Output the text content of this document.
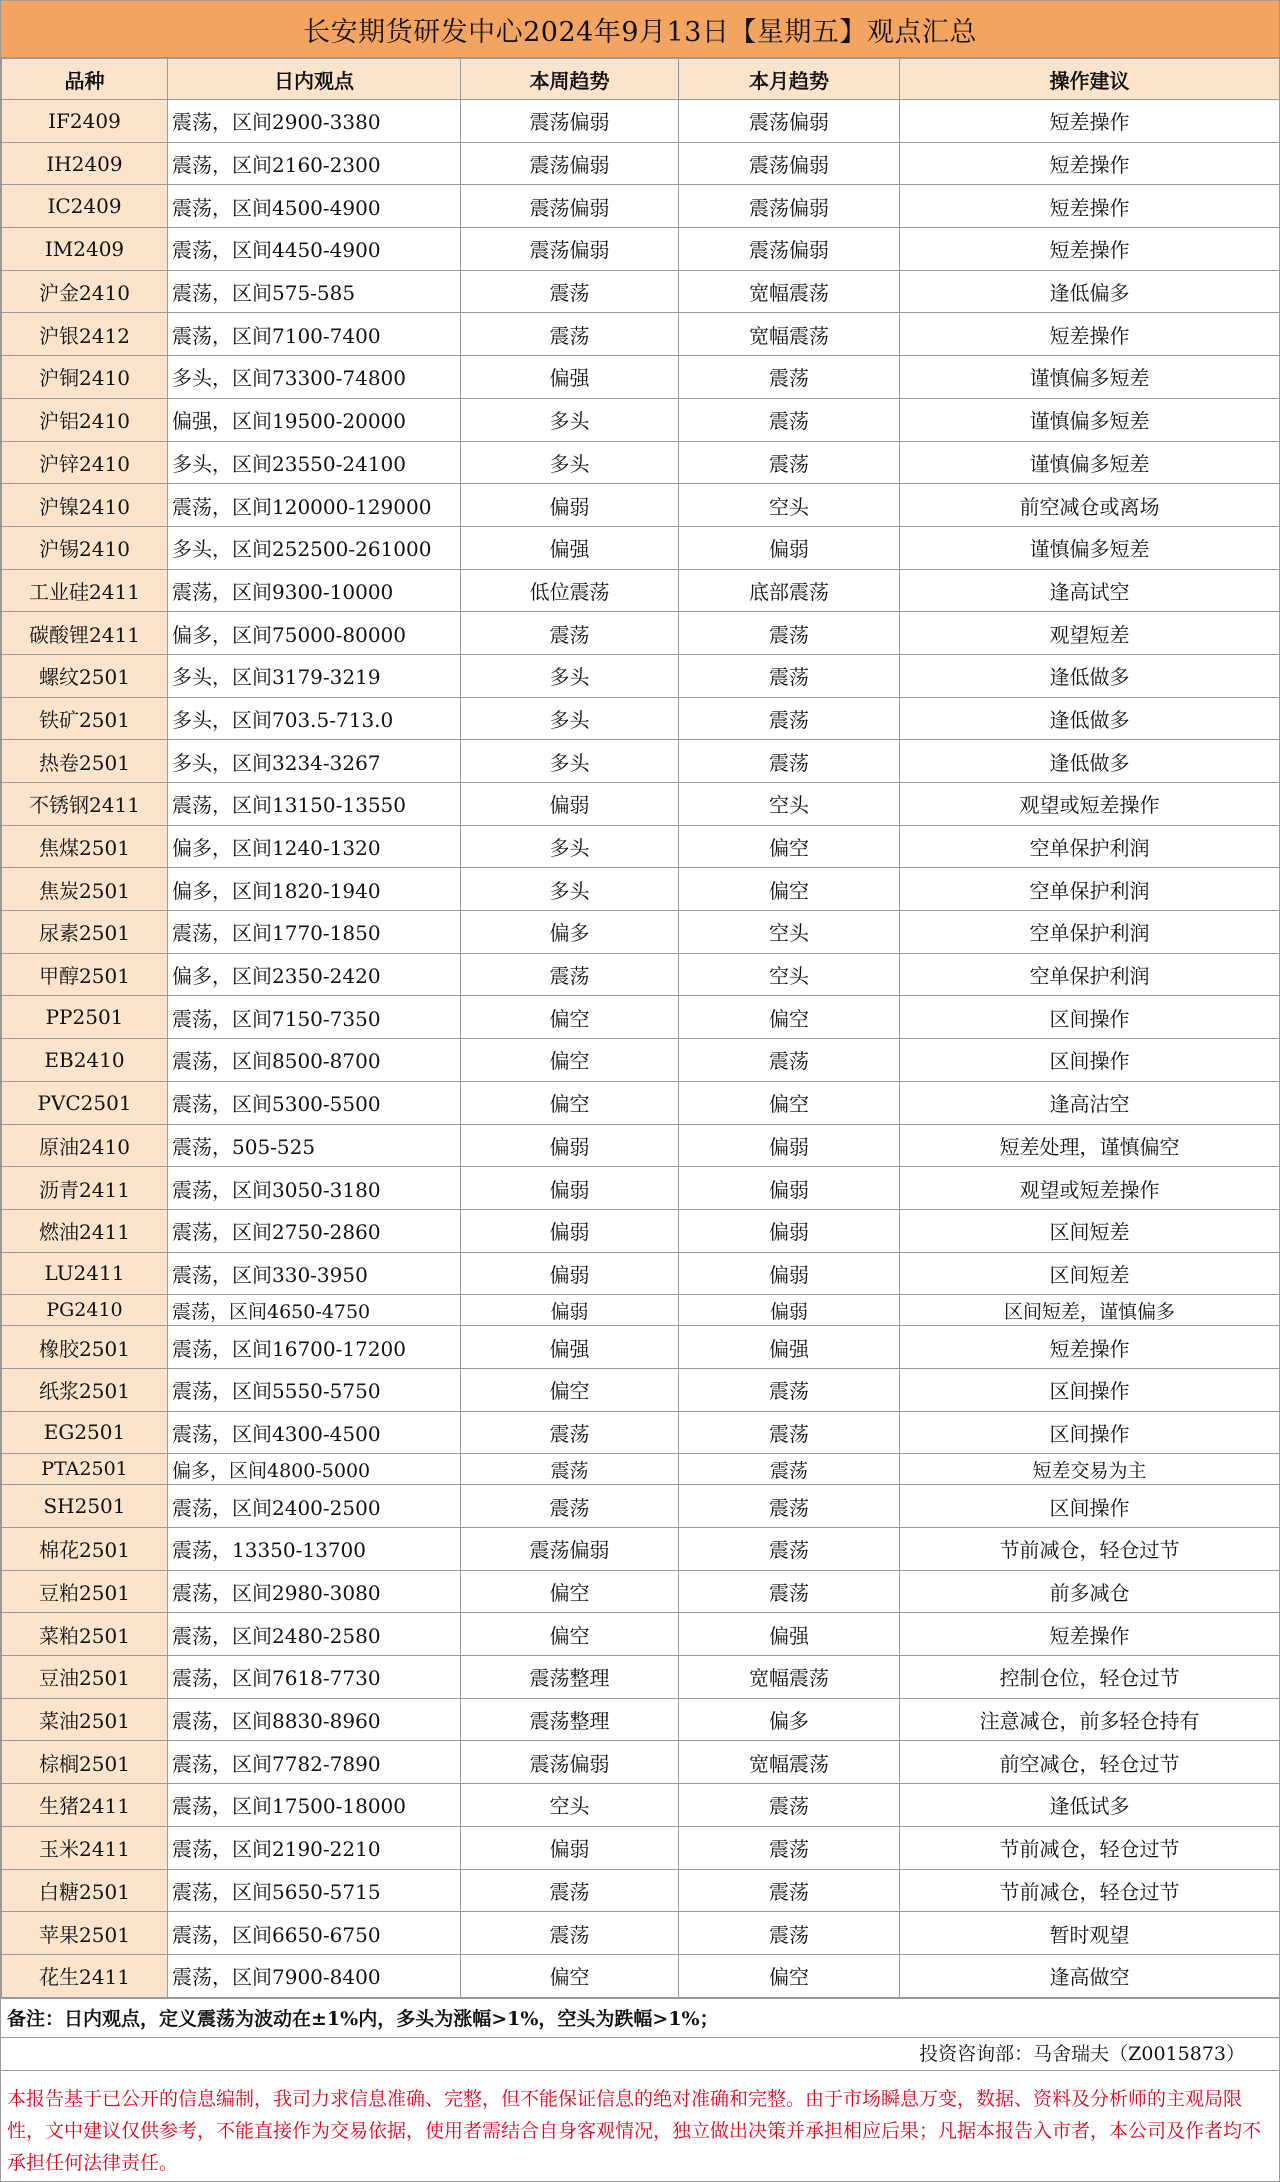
长安期货研发中心2024年9月13日【星期五】观点汇总
品种	日内观点	本周趋势	本月趋势	操作建议
IF2409	震荡，区间2900-3380	震荡偏弱	震荡偏弱	短差操作
IH2409	震荡，区间2160-2300	震荡偏弱	震荡偏弱	短差操作
IC2409	震荡，区间4500-4900	震荡偏弱	震荡偏弱	短差操作
IM2409	震荡，区间4450-4900	震荡偏弱	震荡偏弱	短差操作
沪金2410	震荡，区间575-585	震荡	宽幅震荡	逢低偏多
沪银2412	震荡，区间7100-7400	震荡	宽幅震荡	短差操作
沪铜2410	多头，区间73300-74800	偏强	震荡	谨慎偏多短差
沪铝2410	偏强，区间19500-20000	多头	震荡	谨慎偏多短差
沪锌2410	多头，区间23550-24100	多头	震荡	谨慎偏多短差
沪镍2410	震荡，区间120000-129000	偏弱	空头	前空减仓或离场
沪锡2410	多头，区间252500-261000	偏强	偏弱	谨慎偏多短差
工业硅2411	震荡，区间9300-10000	低位震荡	底部震荡	逢高试空
碳酸锂2411	偏多，区间75000-80000	震荡	震荡	观望短差
螺纹2501	多头，区间3179-3219	多头	震荡	逢低做多
铁矿2501	多头，区间703.5-713.0	多头	震荡	逢低做多
热卷2501	多头，区间3234-3267	多头	震荡	逢低做多
不锈钢2411	震荡，区间13150-13550	偏弱	空头	观望或短差操作
焦煤2501	偏多，区间1240-1320	多头	偏空	空单保护利润
焦炭2501	偏多，区间1820-1940	多头	偏空	空单保护利润
尿素2501	震荡，区间1770-1850	偏多	空头	空单保护利润
甲醇2501	偏多，区间2350-2420	震荡	空头	空单保护利润
PP2501	震荡，区间7150-7350	偏空	偏空	区间操作
EB2410	震荡，区间8500-8700	偏空	震荡	区间操作
PVC2501	震荡，区间5300-5500	偏空	偏空	逢高沽空
原油2410	震荡，505-525	偏弱	偏弱	短差处理，谨慎偏空
沥青2411	震荡，区间3050-3180	偏弱	偏弱	观望或短差操作
燃油2411	震荡，区间2750-2860	偏弱	偏弱	区间短差
LU2411	震荡，区间330-3950	偏弱	偏弱	区间短差
PG2410	震荡，区间4650-4750	偏弱	偏弱	区间短差，谨慎偏多
橡胶2501	震荡，区间16700-17200	偏强	偏强	短差操作
纸浆2501	震荡，区间5550-5750	偏空	震荡	区间操作
EG2501	震荡，区间4300-4500	震荡	震荡	区间操作
PTA2501	偏多，区间4800-5000	震荡	震荡	短差交易为主
SH2501	震荡，区间2400-2500	震荡	震荡	区间操作
棉花2501	震荡，13350-13700	震荡偏弱	震荡	节前减仓，轻仓过节
豆粕2501	震荡，区间2980-3080	偏空	震荡	前多减仓
菜粕2501	震荡，区间2480-2580	偏空	偏强	短差操作
豆油2501	震荡，区间7618-7730	震荡整理	宽幅震荡	控制仓位，轻仓过节
菜油2501	震荡，区间8830-8960	震荡整理	偏多	注意减仓，前多轻仓持有
棕榈2501	震荡，区间7782-7890	震荡偏弱	宽幅震荡	前空减仓，轻仓过节
生猪2411	震荡，区间17500-18000	空头	震荡	逢低试多
玉米2411	震荡，区间2190-2210	偏弱	震荡	节前减仓，轻仓过节
白糖2501	震荡，区间5650-5715	震荡	震荡	节前减仓，轻仓过节
苹果2501	震荡，区间6650-6750	震荡	震荡	暂时观望
花生2411	震荡，区间7900-8400	偏空	偏空	逢高做空
备注：日内观点，定义震荡为波动在±1%内，多头为涨幅>1%，空头为跌幅>1%；
投资咨询部：马舍瑞夫（Z0015873）
本报告基于已公开的信息编制，我司力求信息准确、完整，但不能保证信息的绝对准确和完整。由于市场瞬息万变，数据、资料及分析师的主观局限性，文中建议仅供参考，不能直接作为交易依据，使用者需结合自身客观情况，独立做出决策并承担相应后果；凡据本报告入市者，本公司及作者均不承担任何法律责任。
